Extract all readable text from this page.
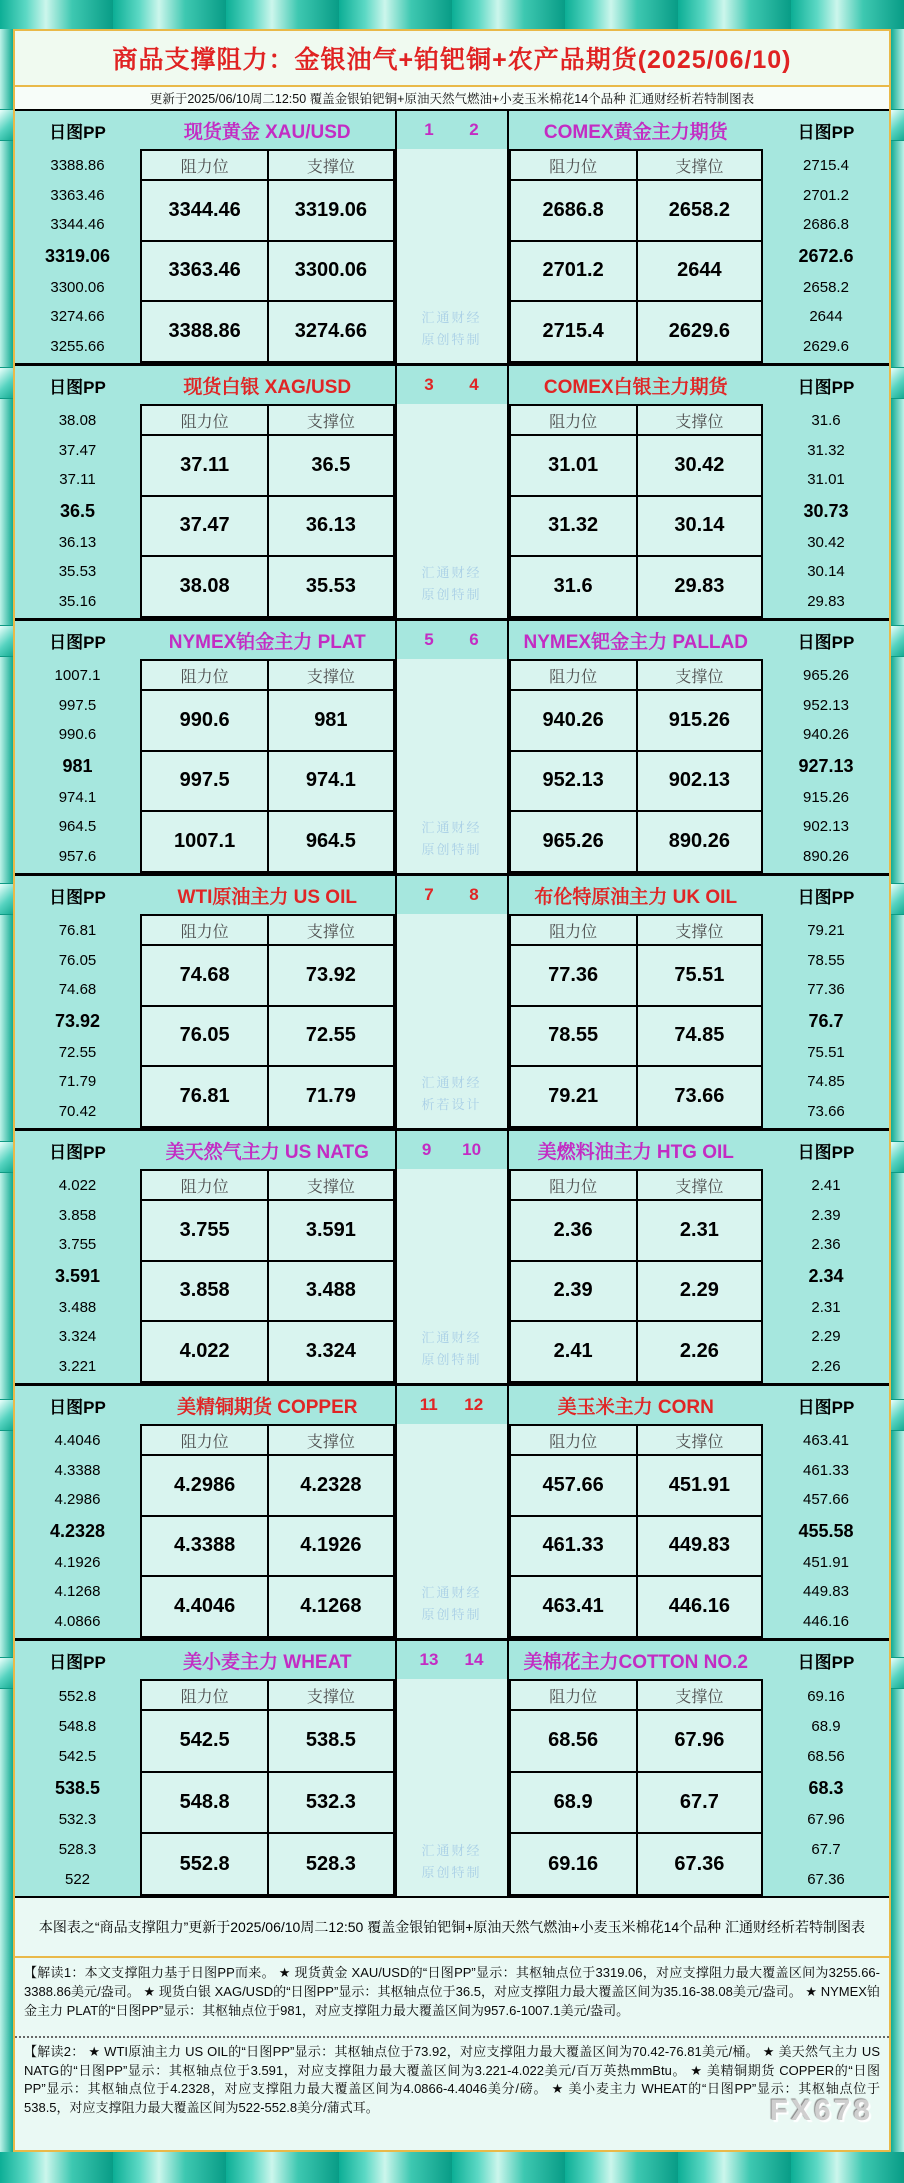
商品支撑阻力：金银油气+铂钯铜+农产品期货(2025/06/10)
更新于2025/06/10周二12:50 覆盖金银铂钯铜+原油天然气燃油+小麦玉米棉花14个品种 汇通财经析若特制图表
日图PP
3388.86
3363.46
3344.46
3319.06
3300.06
3274.66
3255.66
现货黄金 XAU/USD
阻力位	支撑位
3344.46	3319.06
3363.46	3300.06
3388.86	3274.66
1 2
汇通财经
原创特制
COMEX黄金主力期货
阻力位	支撑位
2686.8	2658.2
2701.2	2644
2715.4	2629.6
日图PP
2715.4
2701.2
2686.8
2672.6
2658.2
2644
2629.6
日图PP
38.08
37.47
37.11
36.5
36.13
35.53
35.16
现货白银 XAG/USD
阻力位	支撑位
37.11	36.5
37.47	36.13
38.08	35.53
3 4
汇通财经
原创特制
COMEX白银主力期货
阻力位	支撑位
31.01	30.42
31.32	30.14
31.6	29.83
日图PP
31.6
31.32
31.01
30.73
30.42
30.14
29.83
日图PP
1007.1
997.5
990.6
981
974.1
964.5
957.6
NYMEX铂金主力 PLAT
阻力位	支撑位
990.6	981
997.5	974.1
1007.1	964.5
5 6
汇通财经
原创特制
NYMEX钯金主力 PALLAD
阻力位	支撑位
940.26	915.26
952.13	902.13
965.26	890.26
日图PP
965.26
952.13
940.26
927.13
915.26
902.13
890.26
日图PP
76.81
76.05
74.68
73.92
72.55
71.79
70.42
WTI原油主力 US OIL
阻力位	支撑位
74.68	73.92
76.05	72.55
76.81	71.79
7 8
汇通财经
析若设计
布伦特原油主力 UK OIL
阻力位	支撑位
77.36	75.51
78.55	74.85
79.21	73.66
日图PP
79.21
78.55
77.36
76.7
75.51
74.85
73.66
日图PP
4.022
3.858
3.755
3.591
3.488
3.324
3.221
美天然气主力 US NATG
阻力位	支撑位
3.755	3.591
3.858	3.488
4.022	3.324
9 10
汇通财经
原创特制
美燃料油主力 HTG OIL
阻力位	支撑位
2.36	2.31
2.39	2.29
2.41	2.26
日图PP
2.41
2.39
2.36
2.34
2.31
2.29
2.26
日图PP
4.4046
4.3388
4.2986
4.2328
4.1926
4.1268
4.0866
美精铜期货 COPPER
阻力位	支撑位
4.2986	4.2328
4.3388	4.1926
4.4046	4.1268
11 12
汇通财经
原创特制
美玉米主力 CORN
阻力位	支撑位
457.66	451.91
461.33	449.83
463.41	446.16
日图PP
463.41
461.33
457.66
455.58
451.91
449.83
446.16
日图PP
552.8
548.8
542.5
538.5
532.3
528.3
522
美小麦主力 WHEAT
阻力位	支撑位
542.5	538.5
548.8	532.3
552.8	528.3
13 14
汇通财经
原创特制
美棉花主力COTTON NO.2
阻力位	支撑位
68.56	67.96
68.9	67.7
69.16	67.36
日图PP
69.16
68.9
68.56
68.3
67.96
67.7
67.36
本图表之“商品支撑阻力”更新于2025/06/10周二12:50 覆盖金银铂钯铜+原油天然气燃油+小麦玉米棉花14个品种 汇通财经析若特制图表
【解读1：本文支撑阻力基于日图PP而来。 ★ 现货黄金 XAU/USD的“日图PP”显示：其枢轴点位于3319.06，对应支撑阻力最大覆盖区间为3255.66-3388.86美元/盎司。 ★ 现货白银 XAG/USD的“日图PP”显示：其枢轴点位于36.5，对应支撑阻力最大覆盖区间为35.16-38.08美元/盎司。 ★ NYMEX铂金主力 PLAT的“日图PP”显示：其枢轴点位于981，对应支撑阻力最大覆盖区间为957.6-1007.1美元/盎司。
【解读2： ★ WTI原油主力 US OIL的“日图PP”显示：其枢轴点位于73.92，对应支撑阻力最大覆盖区间为70.42-76.81美元/桶。 ★ 美天然气主力 US NATG的“日图PP”显示：其枢轴点位于3.591，对应支撑阻力最大覆盖区间为3.221-4.022美元/百万英热mmBtu。 ★ 美精铜期货 COPPER的“日图PP”显示：其枢轴点位于4.2328，对应支撑阻力最大覆盖区间为4.0866-4.4046美分/磅。 ★ 美小麦主力 WHEAT的“日图PP”显示：其枢轴点位于538.5，对应支撑阻力最大覆盖区间为522-552.8美分/蒲式耳。	FX678
